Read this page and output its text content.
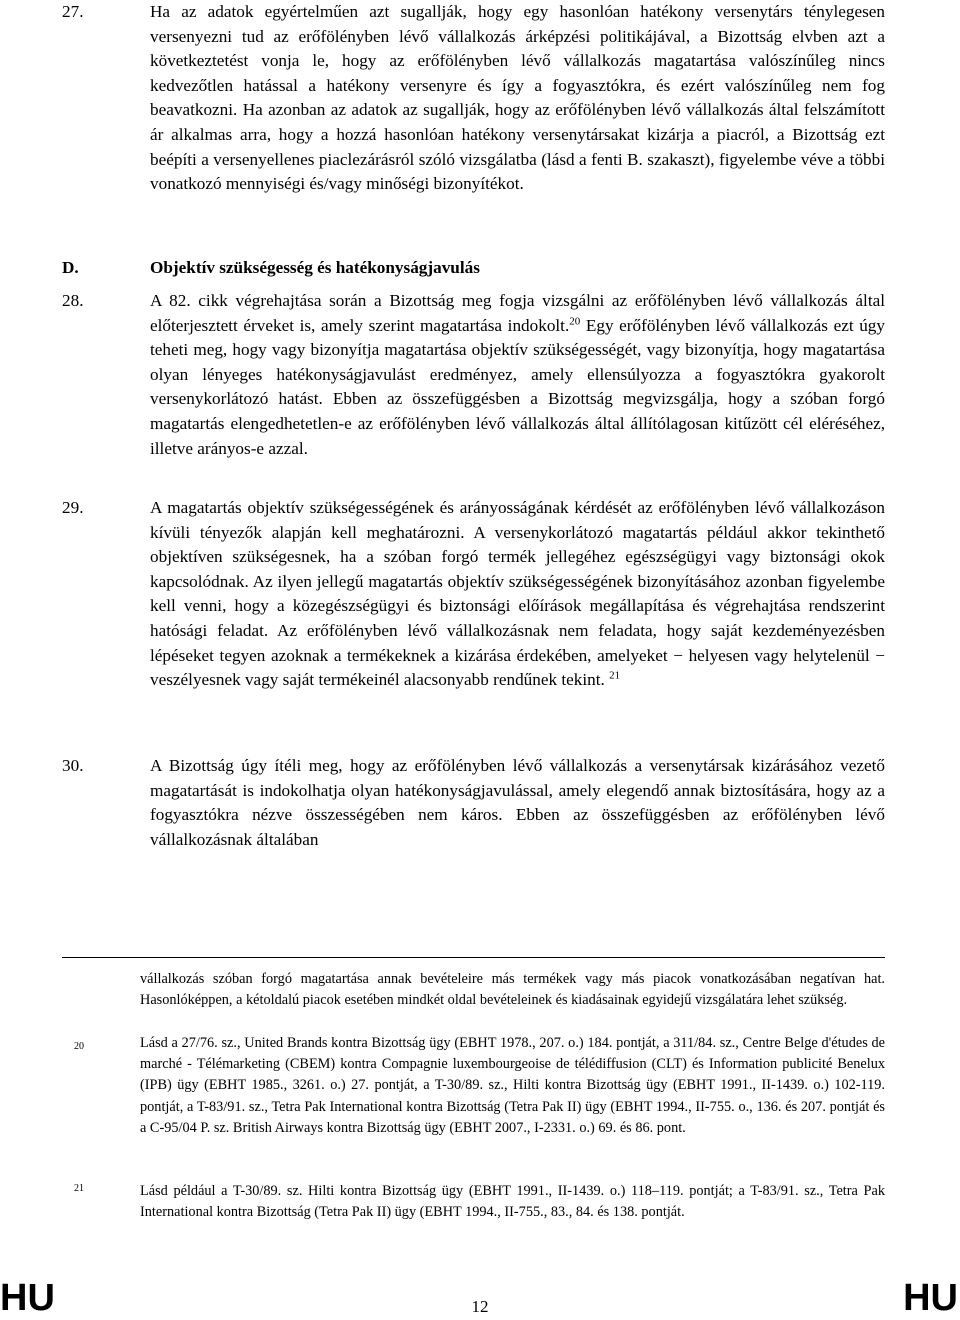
27.	Ha az adatok egyértelműen azt sugallják, hogy egy hasonlóan hatékony versenytárs ténylegesen versenyezni tud az erőfölényben lévő vállalkozás árképzési politikájával, a Bizottság elvben azt a következtetést vonja le, hogy az erőfölényben lévő vállalkozás magatartása valószínűleg nincs kedvezőtlen hatással a hatékony versenyre és így a fogyasztókra, és ezért valószínűleg nem fog beavatkozni. Ha azonban az adatok az sugallják, hogy az erőfölényben lévő vállalkozás által felszámított ár alkalmas arra, hogy a hozzá hasonlóan hatékony versenytársakat kizárja a piacról, a Bizottság ezt beépíti a versenyellenes piaclezárásról szóló vizsgálatba (lásd a fenti B. szakaszt), figyelembe véve a többi vonatkozó mennyiségi és/vagy minőségi bizonyítékot.
D.	Objektív szükségesség és hatékonyságjavulás
28.	A 82. cikk végrehajtása során a Bizottság meg fogja vizsgálni az erőfölényben lévő vállalkozás által előterjesztett érveket is, amely szerint magatartása indokolt.$^{20}$ Egy erőfölényben lévő vállalkozás ezt úgy teheti meg, hogy vagy bizonyítja magatartása objektív szükségességét, vagy bizonyítja, hogy magatartása olyan lényeges hatékonyságjavulást eredményez, amely ellensúlyozza a fogyasztókra gyakorolt versenykorlátozó hatást. Ebben az összefüggésben a Bizottság megvizsgálja, hogy a szóban forgó magatartás elengedhetetlen-e az erőfölényben lévő vállalkozás által állítólagosan kitűzött cél eléréséhez, illetve arányos-e azzal.
29.	A magatartás objektív szükségességének és arányosságának kérdését az erőfölényben lévő vállalkozáson kívüli tényezők alapján kell meghatározni. A versenykorlátozó magatartás például akkor tekinthető objektíven szükségesnek, ha a szóban forgó termék jellegéhez egészségügyi vagy biztonsági okok kapcsolódnak. Az ilyen jellegű magatartás objektív szükségességének bizonyításához azonban figyelembe kell venni, hogy a közegészségügyi és biztonsági előírások megállapítása és végrehajtása rendszerint hatósági feladat. Az erőfölényben lévő vállalkozásnak nem feladata, hogy saját kezdeményezésben lépéseket tegyen azoknak a termékeknek a kizárása érdekében, amelyeket − helyesen vagy helytelenül − veszélyesnek vagy saját termékeinél alacsonyabb rendűnek tekint. $^{21}$
30.	A Bizottság úgy ítéli meg, hogy az erőfölényben lévő vállalkozás a versenytársak kizárásához vezető magatartását is indokolhatja olyan hatékonyságjavulással, amely elegendő annak biztosítására, hogy az a fogyasztókra nézve összességében nem káros. Ebben az összefüggésben az erőfölényben lévő vállalkozásnak általában
vállalkozás szóban forgó magatartása annak bevételeire más termékek vagy más piacok vonatkozásában negatívan hat. Hasonlóképpen, a kétoldalú piacok esetében mindkét oldal bevételeinek és kiadásainak egyidejű vizsgálatára lehet szükség.
20	Lásd a 27/76. sz., United Brands kontra Bizottság ügy (EBHT 1978., 207. o.) 184. pontját, a 311/84. sz., Centre Belge d'études de marché - Télémarketing (CBEM) kontra Compagnie luxembourgeoise de télédiffusion (CLT) és Information publicité Benelux (IPB) ügy (EBHT 1985., 3261. o.) 27. pontját, a T-30/89. sz., Hilti kontra Bizottság ügy (EBHT 1991., II-1439. o.) 102-119. pontját, a T-83/91. sz., Tetra Pak International kontra Bizottság (Tetra Pak II) ügy (EBHT 1994., II-755. o., 136. és 207. pontját és a C-95/04 P. sz. British Airways kontra Bizottság ügy (EBHT 2007., I-2331. o.) 69. és 86. pont.
21	Lásd például a T-30/89. sz. Hilti kontra Bizottság ügy (EBHT 1991., II-1439. o.) 118–119. pontját; a T-83/91. sz., Tetra Pak International kontra Bizottság (Tetra Pak II) ügy (EBHT 1994., II-755., 83., 84. és 138. pontját.
HU	12	HU
